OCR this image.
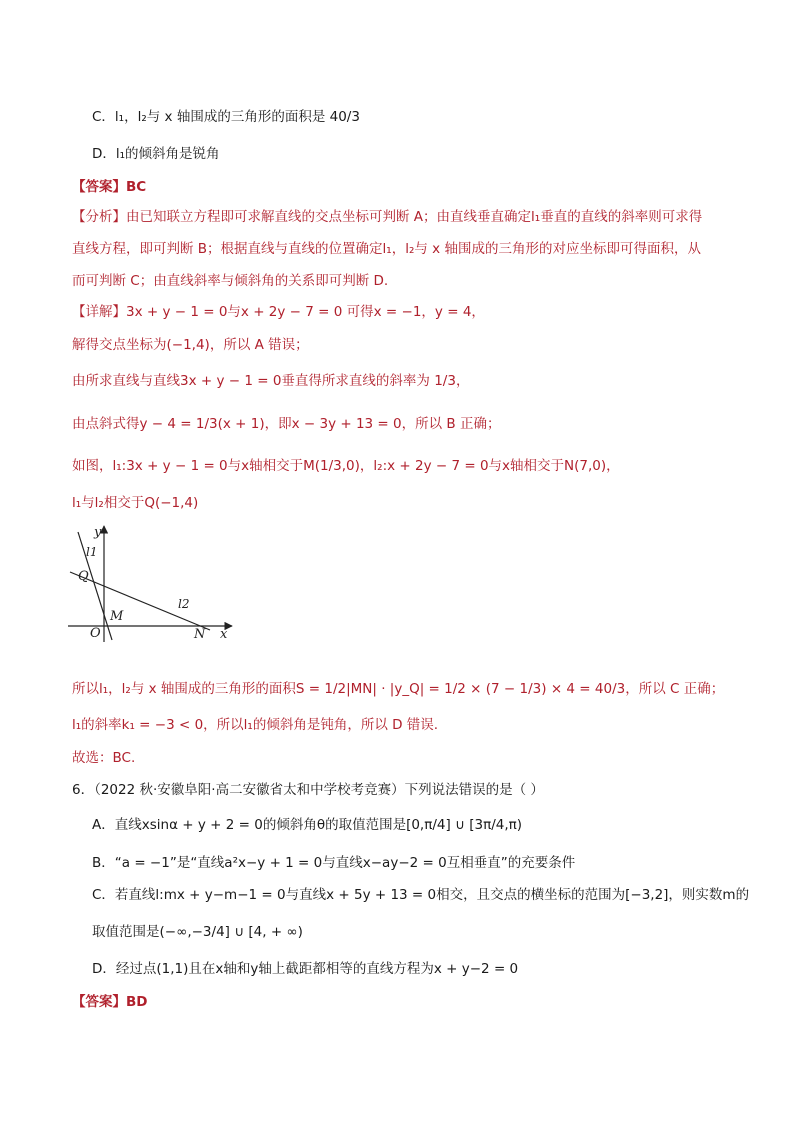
C．l₁，l₂与 x 轴围成的三角形的面积是 40/3
D．l₁的倾斜角是锐角
【答案】BC
【分析】由已知联立方程即可求解直线的交点坐标可判断 A；由直线垂直确定l₁垂直的直线的斜率则可求得
直线方程，即可判断 B；根据直线与直线的位置确定l₁，l₂与 x 轴围成的三角形的对应坐标即可得面积，从
而可判断 C；由直线斜率与倾斜角的关系即可判断 D.
【详解】3x + y − 1 = 0与x + 2y − 7 = 0 可得x = −1，y = 4，
解得交点坐标为(−1,4)，所以 A 错误；
由所求直线与直线3x + y − 1 = 0垂直得所求直线的斜率为 1/3，
由点斜式得y − 4 = 1/3(x + 1)，即x − 3y + 13 = 0，所以 B 正确；
如图，l₁:3x + y − 1 = 0与x轴相交于M(1/3,0)，l₂:x + 2y − 7 = 0与x轴相交于N(7,0)，
l₁与l₂相交于Q(−1,4)
y
l1
Q
M
O
l2
N x
所以l₁，l₂与 x 轴围成的三角形的面积S = 1/2|MN| · |y_Q| = 1/2 × (7 − 1/3) × 4 = 40/3，所以 C 正确；
l₁的斜率k₁ = −3 < 0，所以l₁的倾斜角是钝角，所以 D 错误.
故选：BC.
6．（2022 秋·安徽阜阳·高二安徽省太和中学校考竞赛）下列说法错误的是（ ）
A．直线xsinα + y + 2 = 0的倾斜角θ的取值范围是[0,π/4] ∪ [3π/4,π)
B．“a = −1”是“直线a²x−y + 1 = 0与直线x−ay−2 = 0互相垂直”的充要条件
C．若直线l:mx + y−m−1 = 0与直线x + 5y + 13 = 0相交，且交点的横坐标的范围为[−3,2]，则实数m的
取值范围是(−∞,−3/4] ∪ [4, + ∞)
D．经过点(1,1)且在x轴和y轴上截距都相等的直线方程为x + y−2 = 0
【答案】BD
